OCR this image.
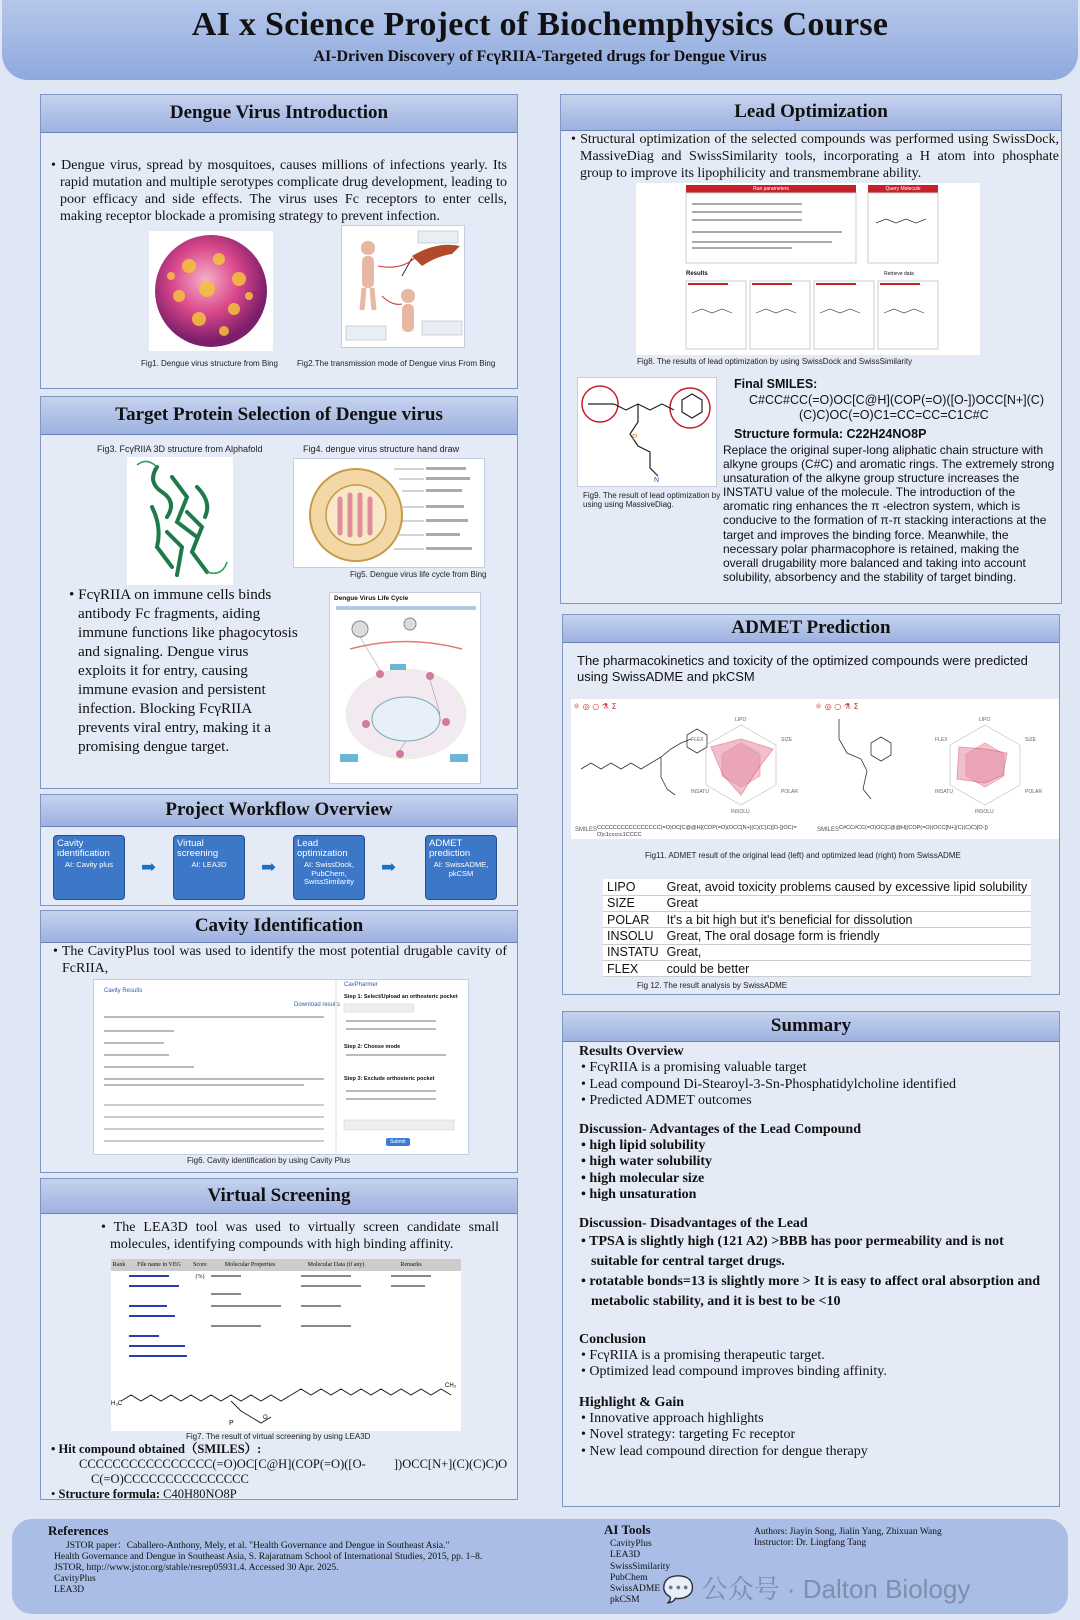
AI x Science Project of Biochemphysics Course
AI-Driven Discovery of FcγRIIA-Targeted drugs for Dengue Virus
Dengue Virus Introduction

• Dengue virus, spread by mosquitoes, causes millions of infections yearly. Its rapid mutation and multiple serotypes complicate drug development, leading to poor efficacy and side effects. The virus uses Fc receptors to enter cells, making receptor blockade a promising strategy to prevent infection.

Fig1. Dengue virus structure from Bing Fig2.The transmission mode of Dengue virus From Bing
Target Protein Selection of Dengue virus
Fig3. FcγRIIA 3D structure from Alphafold	Fig4. dengue virus structure hand draw
Fig5. Dengue virus life cycle from Bing

• FcγRIIA on immune cells binds antibody Fc fragments, aiding immune functions like phagocytosis and signaling. Dengue virus exploits it for entry, causing immune evasion and persistent infection. Blocking FcγRIIA prevents viral entry, making it a promising dengue target.

Dengue Virus Life Cycle
Project Workflow Overview
Cavity identification
AI: Cavity plus	➡
Virtual screening
AI: LEA3D	➡
Lead optimization
AI: SwissDock, PubChem, SwissSimilarity
➡
ADMET prediction
AI: SwissADME, pkCSM
Cavity Identification

• The CavityPlus tool was used to identify the most potential drugable cavity of FcRIIA,

Cavity Results
Download results
CavPharmer
Step 1: Select/Upload an orthosteric pocket
Step 2: Choose mode
Step 3: Exclude orthosteric pocket
Submit
Fig6. Cavity identification by using Cavity Plus
Virtual Screening

• The LEA3D tool was used to virtually screen candidate small molecules, identifying compounds with high binding affinity.

Rank	File name in VEG	Score (%)
Molecular Properties	Molecular Data (if any)	Remarks
P
O
H₃C
CH₃
Fig7. The result of virtual screening by using LEA3D

• Hit compound obtained（SMILES）:

CCCCCCCCCCCCCCCC(=O)OC[C@H](COP(=O)([O-         ])OCC[N+](C)(C)C)OC(=O)CCCCCCCCCCCCCCC

• Structure formula: C40H80NO8P

Lead Optimization

• Structural optimization of the selected compounds was performed using SwissDock, MassiveDiag and SwissSimilarity tools, incorporating a H atom into phosphate group to improve its lipophilicity and transmembrane ability.

Run parameters	Query Molecule
Results	Retrieve data
Fig8. The results of lead optimization by using SwissDock and SwissSimilarity
P
N
Fig9. The result of lead optimization by using using MassiveDiag.
Final SMILES:
C#CC#CC(=O)OC[C@H](COP(=O)([O-])OCC[N+](C)
(C)C)OC(=O)C1=CC=CC=C1C#C
Structure formula: C22H24NO8P
Replace the original super-long aliphatic chain structure with alkyne groups (C#C) and aromatic rings. The extremely strong unsaturation of the alkyne group structure increases the INSTATU value of the molecule. The introduction of the aromatic ring enhances the π -electron system, which is conducive to the formation of π-π stacking interactions at the target and improves the binding force. Meanwhile, the necessary polar pharmacophore is retained, making the overall drugability more balanced and taking into account solubility, absorbency and the stability of target binding.
ADMET Prediction
The pharmacokinetics and toxicity of the optimized compounds were predicted using SwissADME and pkCSM
SMILES CCCCCCCCCCCCCCCC(=O)OC[C@@H](COP(=O)(OCC[N+](C)(C)C)[O-])OC(=O)c1ccccc1CCCC
SMILES C#CC#CC(=O)OC[C@@H](COP(=O)(OCC[N+](C)(C)C)[O-])
⚛ ◎ ○ ⚗ Σ	⚛ ◎ ○ ⚗ Σ
LIPO
SIZE
POLAR
INSOLU
INSATU
FLEX
LIPO
SIZE
POLAR
INSOLU
INSATU
FLEX
Fig11. ADMET result of the original lead (left) and optimized lead (right) from SwissADME
LIPO	Great, avoid toxicity problems caused by excessive lipid solubility
SIZE	Great
POLAR	It's a bit high but it's beneficial for dissolution
INSOLU	Great, The oral dosage form is friendly
INSTATU	Great,
FLEX	could be better
Fig 12. The result analysis by SwissADME
Summary
Results Overview

• FcγRIIA is a promising valuable target

• Lead compound Di-Stearoyl-3-Sn-Phosphatidylcholine identified

• Predicted ADMET outcomes

Discussion- Advantages of the Lead Compound

• high lipid solubility

• high water solubility

• high molecular size

• high unsaturation

Discussion- Disadvantages of the Lead

• TPSA is slightly high (121 A2) >BBB has poor permeability and is not suitable for central target drugs.

• rotatable bonds=13 is slightly more > It is easy to affect oral absorption and metabolic stability, and it is best to be <10

Conclusion

• FcγRIIA is a promising therapeutic target.

• Optimized lead compound improves binding affinity.

Highlight & Gain

• Innovative approach highlights

• Novel strategy: targeting Fc receptor

• New lead compound direction for dengue therapy

References
JSTOR paper：Caballero-Anthony, Mely, et al. "Health Governance and Dengue in Southeast Asia."
Health Governance and Dengue in Southeast Asia, S. Rajaratnam School of International Studies, 2015, pp. 1–8.
JSTOR, http://www.jstor.org/stable/resrep05931.4. Accessed 30 Apr. 2025.
CavityPlus
LEA3D
AI Tools
CavityPlus
LEA3D
SwissSimilarity
PubChem
SwissADME
pkCSM
Authors: Jiayin Song, Jialin Yang, Zhixuan Wang
Instructor: Dr. Lingfang Tang
💬 公众号 · Dalton Biology
